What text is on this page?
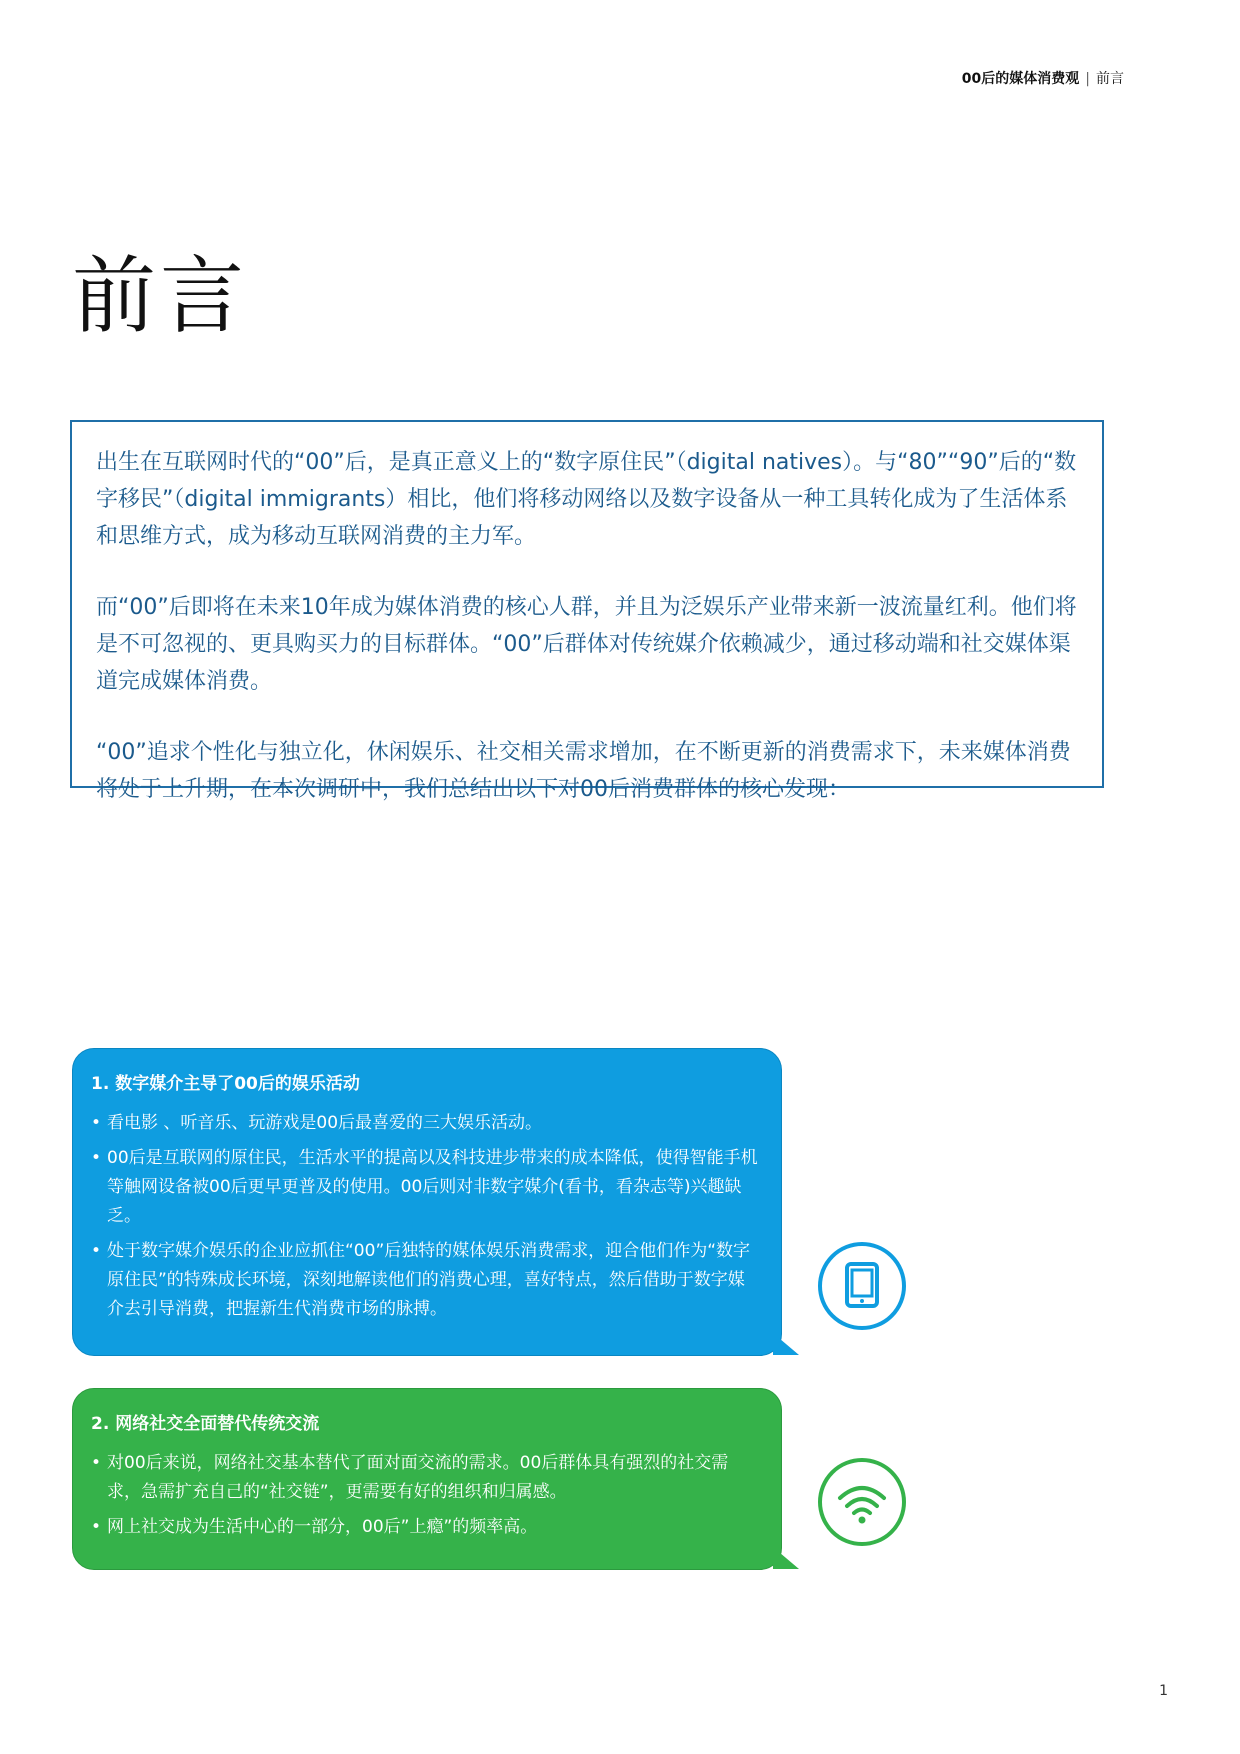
00后的媒体消费观 | 前言
前言

出生在互联网时代的“00”后，是真正意义上的“数字原住民”（digital natives）。与“80”“90”后的“数字移民”（digital immigrants）相比，他们将移动网络以及数字设备从一种工具转化成为了生活体系和思维方式，成为移动互联网消费的主力军。

而“00”后即将在未来10年成为媒体消费的核心人群，并且为泛娱乐产业带来新一波流量红利。他们将是不可忽视的、更具购买力的目标群体。“00”后群体对传统媒介依赖减少，通过移动端和社交媒体渠道完成媒体消费。

“00”追求个性化与独立化，休闲娱乐、社交相关需求增加，在不断更新的消费需求下，未来媒体消费将处于上升期，在本次调研中，我们总结出以下对00后消费群体的核心发现：

1. 数字媒介主导了00后的娱乐活动
• 看电影 、听音乐、玩游戏是00后最喜爱的三大娱乐活动。
• 00后是互联网的原住民，生活水平的提高以及科技进步带来的成本降低，使得智能手机等触网设备被00后更早更普及的使用。00后则对非数字媒介(看书，看杂志等)兴趣缺乏。
• 处于数字媒介娱乐的企业应抓住“00”后独特的媒体娱乐消费需求，迎合他们作为“数字原住民”的特殊成长环境，深刻地解读他们的消费心理，喜好特点，然后借助于数字媒介去引导消费，把握新生代消费市场的脉搏。
2. 网络社交全面替代传统交流
• 对00后来说，网络社交基本替代了面对面交流的需求。00后群体具有强烈的社交需求，急需扩充自己的“社交链”，更需要有好的组织和归属感。
• 网上社交成为生活中心的一部分，00后”上瘾”的频率高。
1
